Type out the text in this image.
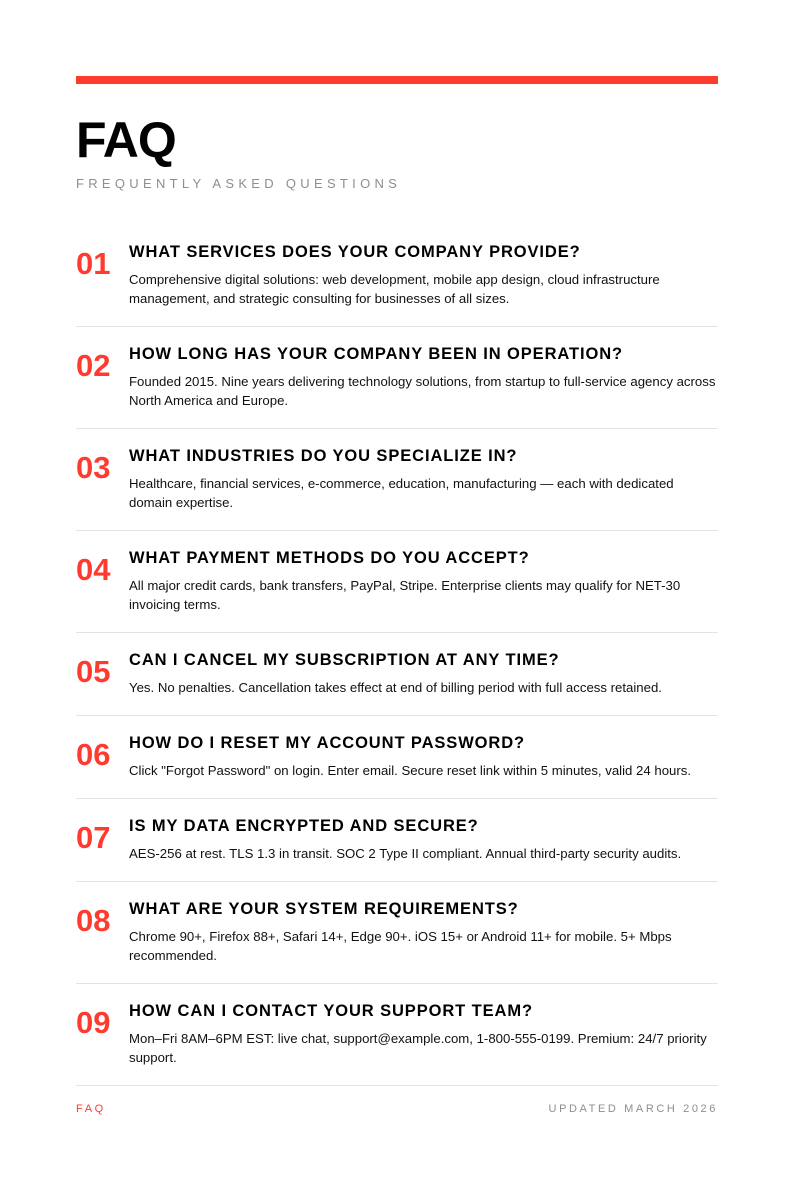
FAQ
FREQUENTLY ASKED QUESTIONS
01	WHAT SERVICES DOES YOUR COMPANY PROVIDE?
Comprehensive digital solutions: web development, mobile app design, cloud infrastructure management, and strategic consulting for businesses of all sizes.
02	HOW LONG HAS YOUR COMPANY BEEN IN OPERATION?
Founded 2015. Nine years delivering technology solutions, from startup to full-service agency across North America and Europe.
03	WHAT INDUSTRIES DO YOU SPECIALIZE IN?
Healthcare, financial services, e-commerce, education, manufacturing — each with dedicated domain expertise.
04	WHAT PAYMENT METHODS DO YOU ACCEPT?
All major credit cards, bank transfers, PayPal, Stripe. Enterprise clients may qualify for NET-30 invoicing terms.
05	CAN I CANCEL MY SUBSCRIPTION AT ANY TIME?
Yes. No penalties. Cancellation takes effect at end of billing period with full access retained.
06	HOW DO I RESET MY ACCOUNT PASSWORD?
Click "Forgot Password" on login. Enter email. Secure reset link within 5 minutes, valid 24 hours.
07	IS MY DATA ENCRYPTED AND SECURE?
AES-256 at rest. TLS 1.3 in transit. SOC 2 Type II compliant. Annual third-party security audits.
08	WHAT ARE YOUR SYSTEM REQUIREMENTS?
Chrome 90+, Firefox 88+, Safari 14+, Edge 90+. iOS 15+ or Android 11+ for mobile. 5+ Mbps recommended.
09	HOW CAN I CONTACT YOUR SUPPORT TEAM?
Mon–Fri 8AM–6PM EST: live chat, support@example.com, 1-800-555-0199. Premium: 24/7 priority support.
FAQ	UPDATED MARCH 2026
